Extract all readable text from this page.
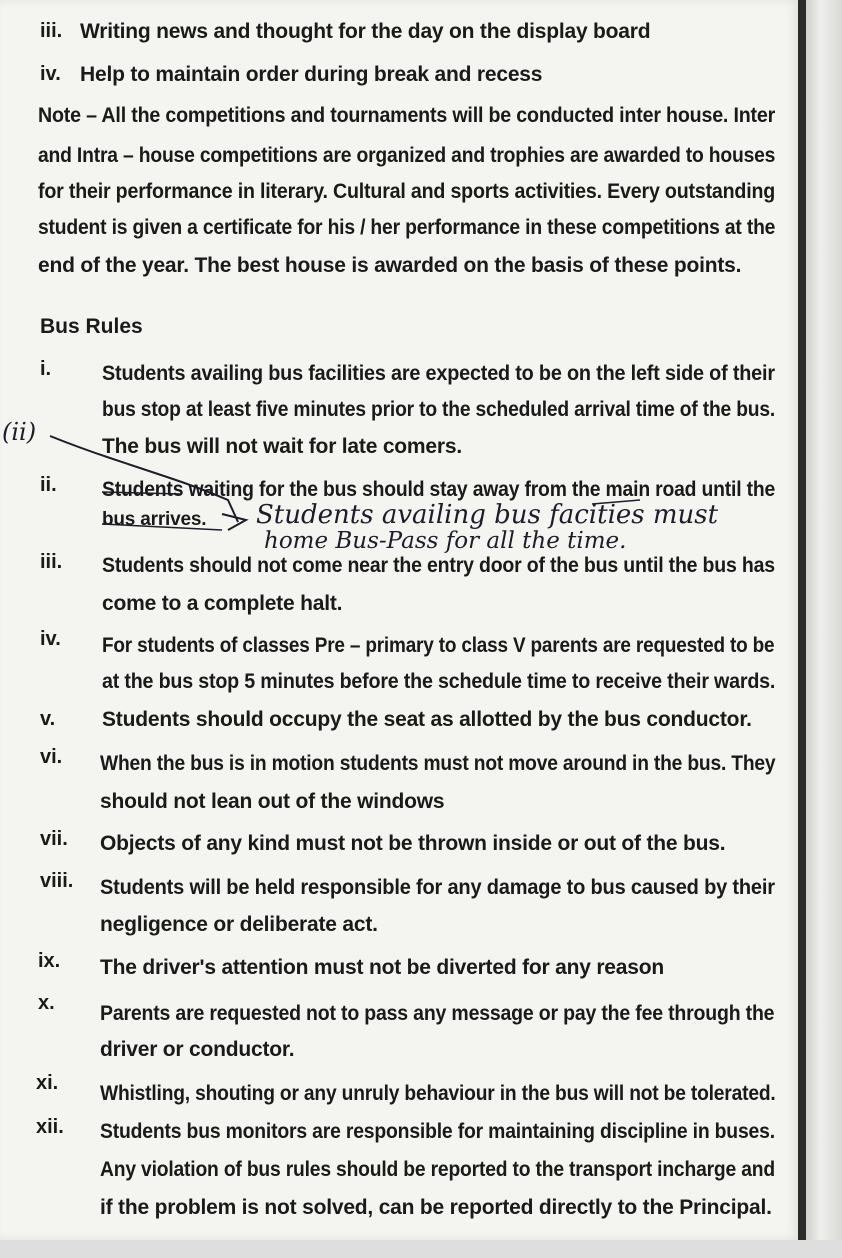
iii. Writing news and thought for the day on the display board
iv. Help to maintain order during break and recess
Note – All the competitions and tournaments will be conducted inter house. Inter
and Intra – house competitions are organized and trophies are awarded to houses
for their performance in literary. Cultural and sports activities. Every outstanding
student is given a certificate for his / her performance in these competitions at the
end of the year. The best house is awarded on the basis of these points.
Bus Rules
i. Students availing bus facilities are expected to be on the left side of their
bus stop at least five minutes prior to the scheduled arrival time of the bus.
The bus will not wait for late comers.
ii. Students waiting for the bus should stay away from the main road until the
bus arrives.
iii. Students should not come near the entry door of the bus until the bus has
come to a complete halt.
iv. For students of classes Pre – primary to class V parents are requested to be
at the bus stop 5 minutes before the schedule time to receive their wards.
v. Students should occupy the seat as allotted by the bus conductor.
vi. When the bus is in motion students must not move around in the bus. They
should not lean out of the windows
vii. Objects of any kind must not be thrown inside or out of the bus.
viii. Students will be held responsible for any damage to bus caused by their
negligence or deliberate act.
ix. The driver's attention must not be diverted for any reason
x. Parents are requested not to pass any message or pay the fee through the
driver or conductor.
xi. Whistling, shouting or any unruly behaviour in the bus will not be tolerated.
xii. Students bus monitors are responsible for maintaining discipline in buses.
Any violation of bus rules should be reported to the transport incharge and
if the problem is not solved, can be reported directly to the Principal.
(ii)
Students availing bus facities must
home Bus-Pass for all the time.
